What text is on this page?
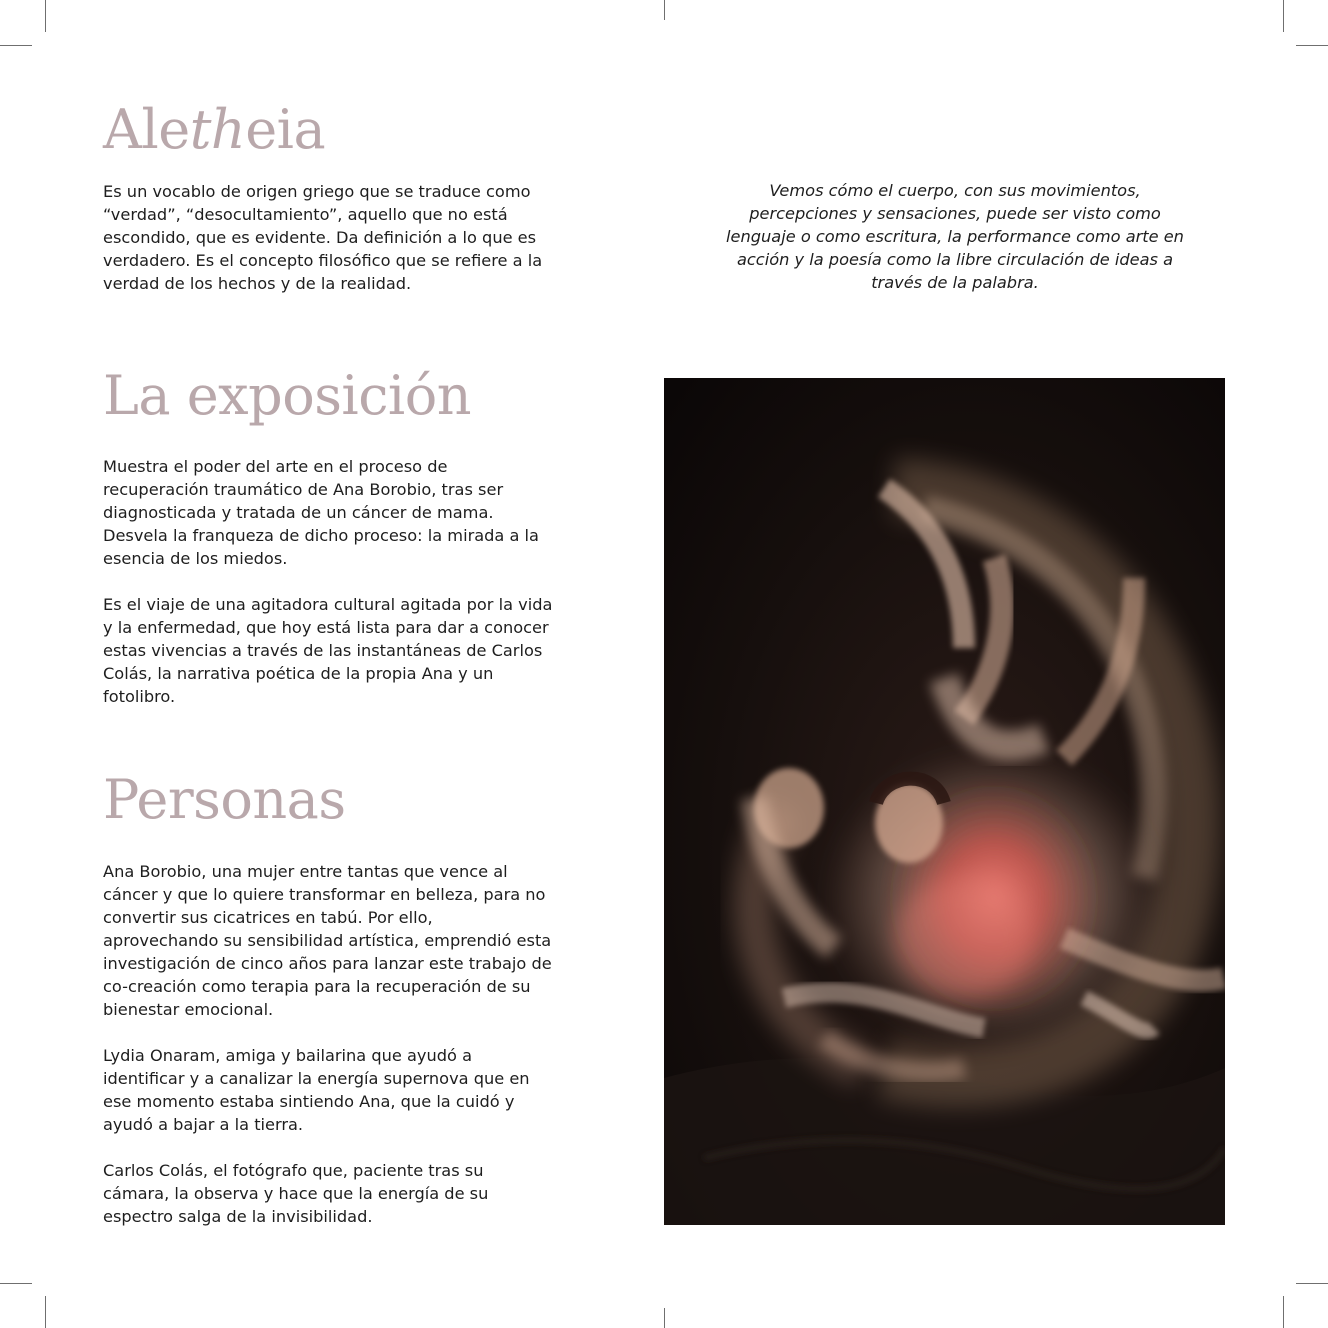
Aletheia

Es un vocablo de origen griego que se traduce como “verdad”, “desocultamiento”, aquello que no está escondido, que es evidente. Da definición a lo que es verdadero. Es el concepto filosófico que se refiere a la verdad de los hechos y de la realidad.

Vemos cómo el cuerpo, con sus movimientos, percepciones y sensaciones, puede ser visto como lenguaje o como escritura, la performance como arte en acción y la poesía como la libre circulación de ideas a través de la palabra.

La exposición

Muestra el poder del arte en el proceso de recuperación traumático de Ana Borobio, tras ser diagnosticada y tratada de un cáncer de mama. Desvela la franqueza de dicho proceso: la mirada a la esencia de los miedos.

Es el viaje de una agitadora cultural agitada por la vida y la enfermedad, que hoy está lista para dar a conocer estas vivencias a través de las instantáneas de Carlos Colás, la narrativa poética de la propia Ana y un fotolibro.

Personas

Ana Borobio, una mujer entre tantas que vence al cáncer y que lo quiere transformar en belleza, para no convertir sus cicatrices en tabú. Por ello, aprovechando su sensibilidad artística, emprendió esta investigación de cinco años para lanzar este trabajo de co-creación como terapia para la recuperación de su bienestar emocional.

Lydia Onaram, amiga y bailarina que ayudó a identificar y a canalizar la energía supernova que en ese momento estaba sintiendo Ana, que la cuidó y ayudó a bajar a la tierra.

Carlos Colás, el fotógrafo que, paciente tras su cámara, la observa y hace que la energía de su espectro salga de la invisibilidad.
